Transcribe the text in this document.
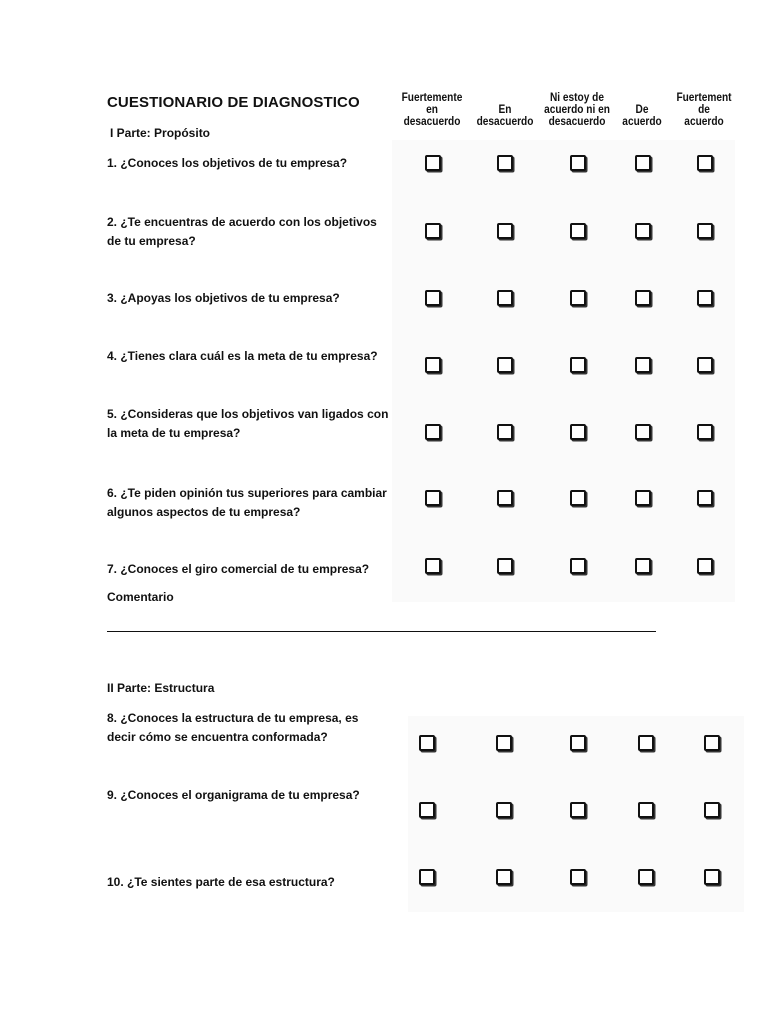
CUESTIONARIO DE DIAGNOSTICO
I Parte: Propósito
Fuertemente
en
desacuerdo
En
desacuerdo
Ni estoy de
acuerdo ni en
desacuerdo
De
acuerdo
Fuertement
de
acuerdo
1. ¿Conoces los objetivos de tu empresa?
2. ¿Te encuentras de acuerdo con los objetivos de tu empresa?
3. ¿Apoyas los objetivos de tu empresa?
4. ¿Tienes clara cuál es la meta de tu empresa?
5. ¿Consideras que los objetivos van ligados con la meta de tu empresa?
6. ¿Te piden opinión tus superiores para cambiar algunos aspectos de tu empresa?
7. ¿Conoces el giro comercial de tu empresa?
Comentario
II Parte: Estructura
8. ¿Conoces la estructura de tu empresa, es decir cómo se encuentra conformada?
9. ¿Conoces el organigrama de tu empresa?
10. ¿Te sientes parte de esa estructura?
